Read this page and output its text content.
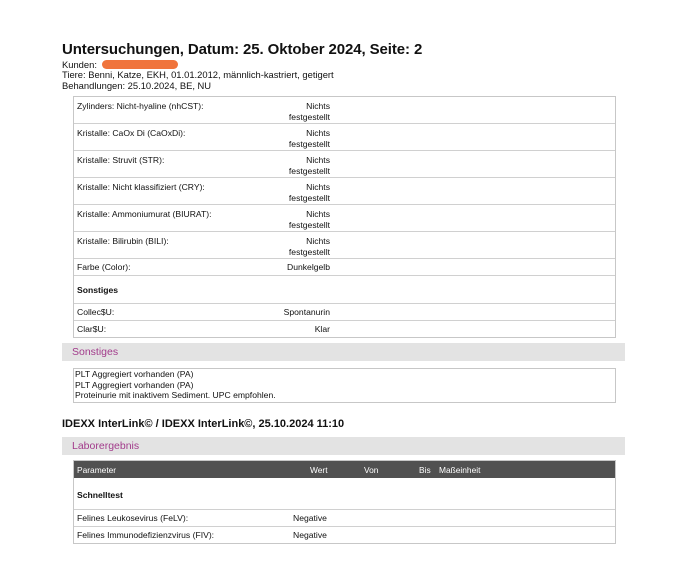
Untersuchungen, Datum: 25. Oktober 2024, Seite: 2
Kunden:
Tiere: Benni, Katze, EKH, 01.01.2012, männlich-kastriert, getigert
Behandlungen: 25.10.2024, BE, NU
Zylinders: Nicht-hyaline (nhCST):	Nichts
festgestellt
Kristalle: CaOx Di (CaOxDi):	Nichts
festgestellt
Kristalle: Struvit (STR):	Nichts
festgestellt
Kristalle: Nicht klassifiziert (CRY):	Nichts
festgestellt
Kristalle: Ammoniumurat (BIURAT):	Nichts
festgestellt
Kristalle: Bilirubin (BILI):	Nichts
festgestellt
Farbe (Color):	Dunkelgelb
Sonstiges
Collec$U:	Spontanurin
Clar$U:	Klar
Sonstiges
PLT Aggregiert vorhanden (PA)
PLT Aggregiert vorhanden (PA)
Proteinurie mit inaktivem Sediment. UPC empfohlen.
IDEXX InterLink© / IDEXX InterLink©, 25.10.2024 11:10
Laborergebnis
Parameter	Wert	Von	Bis Maßeinheit
Schnelltest
Felines Leukosevirus (FeLV):	Negative
Felines Immunodefizienzvirus (FIV):	Negative
